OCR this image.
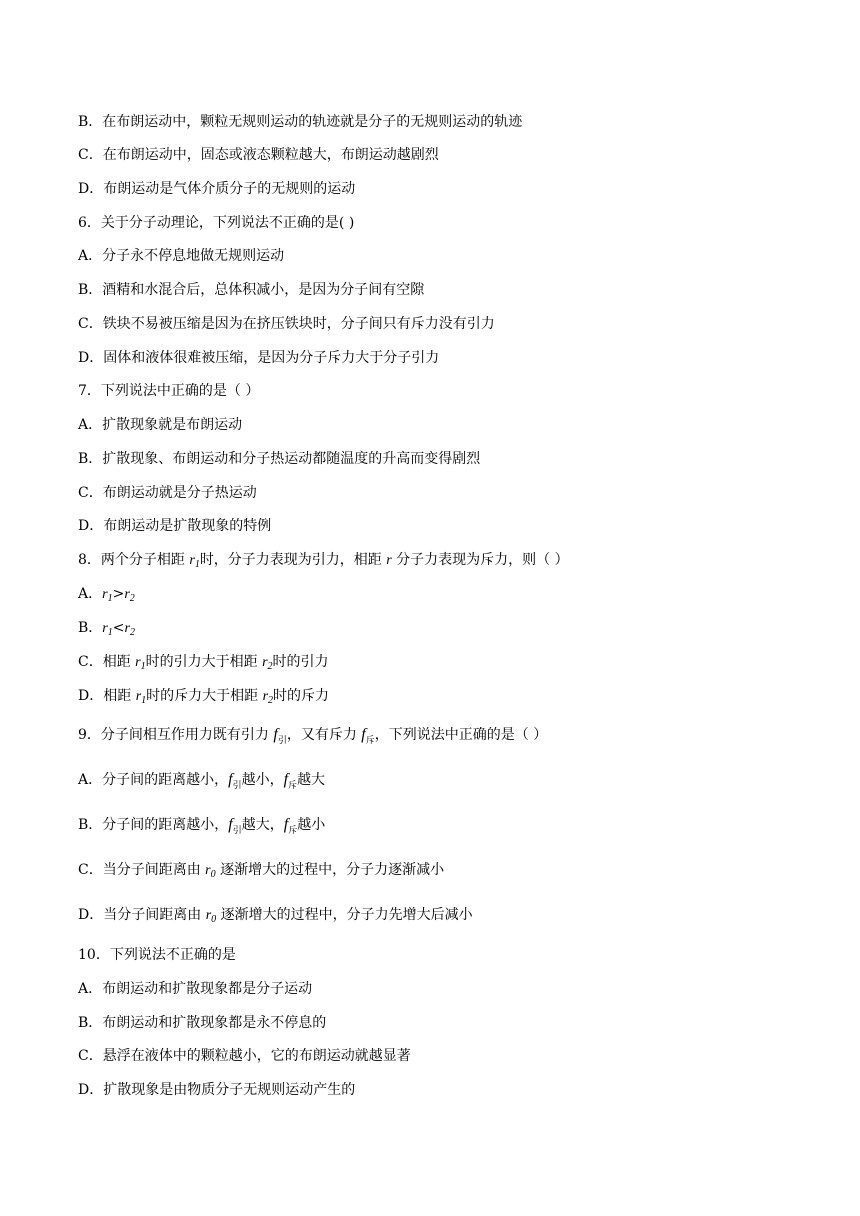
B．在布朗运动中，颗粒无规则运动的轨迹就是分子的无规则运动的轨迹
C．在布朗运动中，固态或液态颗粒越大，布朗运动越剧烈
D．布朗运动是气体介质分子的无规则的运动
6．关于分子动理论，下列说法不正确的是( )
A．分子永不停息地做无规则运动
B．酒精和水混合后，总体积减小，是因为分子间有空隙
C．铁块不易被压缩是因为在挤压铁块时，分子间只有斥力没有引力
D．固体和液体很难被压缩，是因为分子斥力大于分子引力
7．下列说法中正确的是（ ）
A．扩散现象就是布朗运动
B．扩散现象、布朗运动和分子热运动都随温度的升高而变得剧烈
C．布朗运动就是分子热运动
D．布朗运动是扩散现象的特例
8．两个分子相距 $r_1$时，分子力表现为引力，相距 r 分子力表现为斥力，则（ ）
A．$r_1>r_2$
B．$r_1<r_2$
C．相距 $r_1$时的引力大于相距 $r_2$时的引力
D．相距 $r_1$时的斥力大于相距 $r_2$时的斥力
9．分子间相互作用力既有引力 $f_引$，又有斥力 $f_斥$，下列说法中正确的是（ ）
A．分子间的距离越小，$f_引$越小，$f_斥$越大
B．分子间的距离越小，$f_引$越大，$f_斥$越小
C．当分子间距离由 $r_0$ 逐渐增大的过程中，分子力逐渐减小
D．当分子间距离由 $r_0$ 逐渐增大的过程中，分子力先增大后减小
10．下列说法不正确的是
A．布朗运动和扩散现象都是分子运动
B．布朗运动和扩散现象都是永不停息的
C．悬浮在液体中的颗粒越小，它的布朗运动就越显著
D．扩散现象是由物质分子无规则运动产生的
